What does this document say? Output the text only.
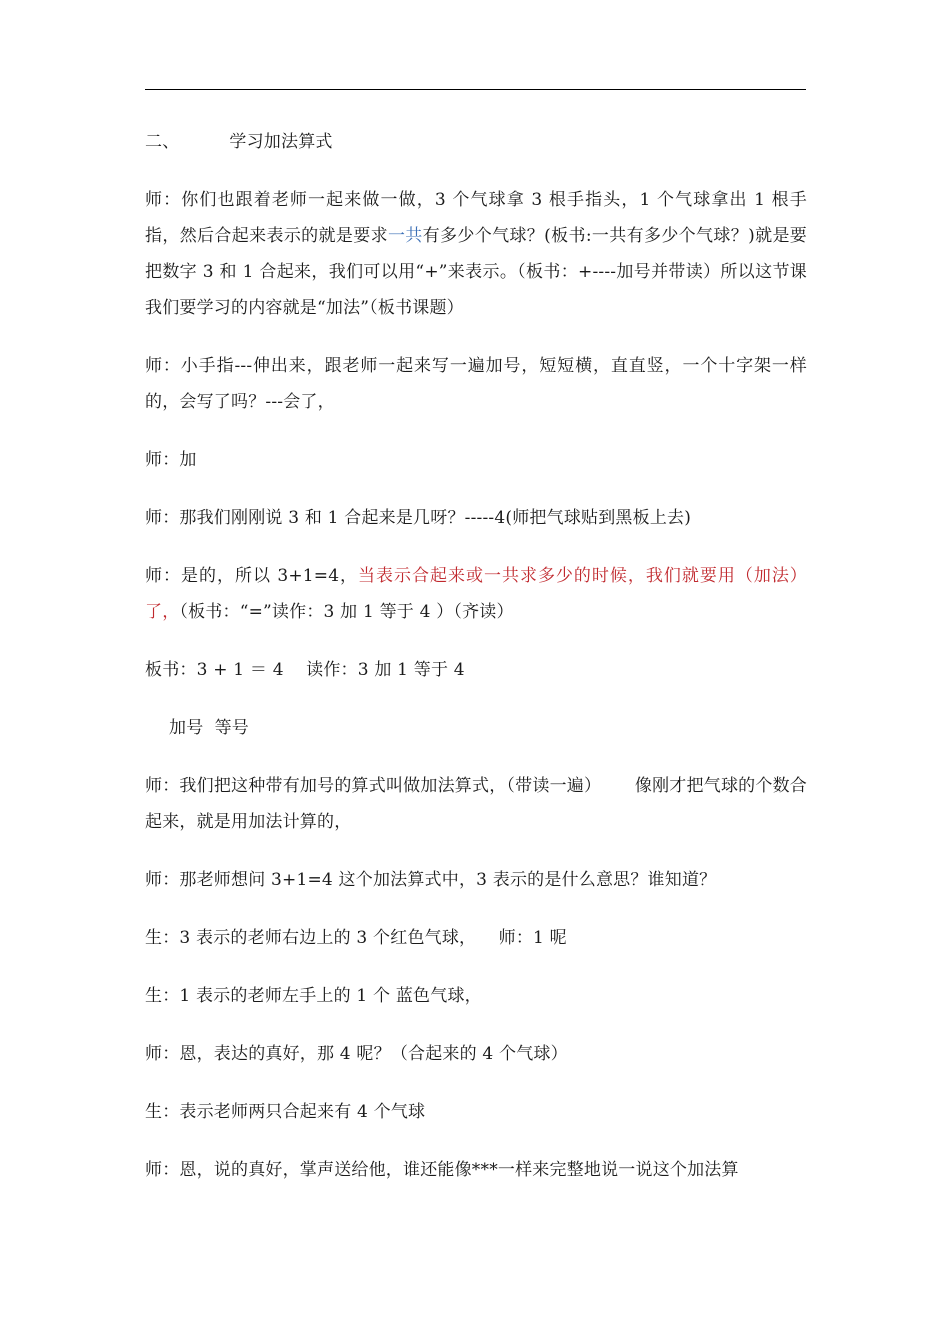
二、	学习加法算式

师：你们也跟着老师一起来做一做，3 个气球拿 3 根手指头，1 个气球拿出 1 根手指，然后合起来表示的就是要求一共有多少个气球？(板书:一共有多少个气球？)就是要把数字 3 和 1 合起来，我们可以用“+”来表示。（板书：+----加号并带读）所以这节课我们要学习的内容就是“加法”（板书课题）

师：小手指---伸出来，跟老师一起来写一遍加号，短短横，直直竖，一个十字架一样的，会写了吗？---会了，

师：加

师：那我们刚刚说 3 和 1 合起来是几呀？-----4(师把气球贴到黑板上去)

师：是的，所以 3+1=4，当表示合起来或一共求多少的时候，我们就要用（加法）了，（板书：“=”读作：3 加 1 等于 4 ）（齐读）

板书：3 + 1 ＝ 4    读作：3 加 1 等于 4

加号  等号

师：我们把这种带有加号的算式叫做加法算式，（带读一遍）      像刚才把气球的个数合起来，就是用加法计算的，

师：那老师想问 3+1=4 这个加法算式中，3 表示的是什么意思？谁知道？

生：3 表示的老师右边上的 3 个红色气球，    师：1 呢

生：1 表示的老师左手上的 1 个 蓝色气球，

师：恩，表达的真好，那 4 呢？（合起来的 4 个气球）

生：表示老师两只合起来有 4 个气球

师：恩，说的真好，掌声送给他，谁还能像***一样来完整地说一说这个加法算
